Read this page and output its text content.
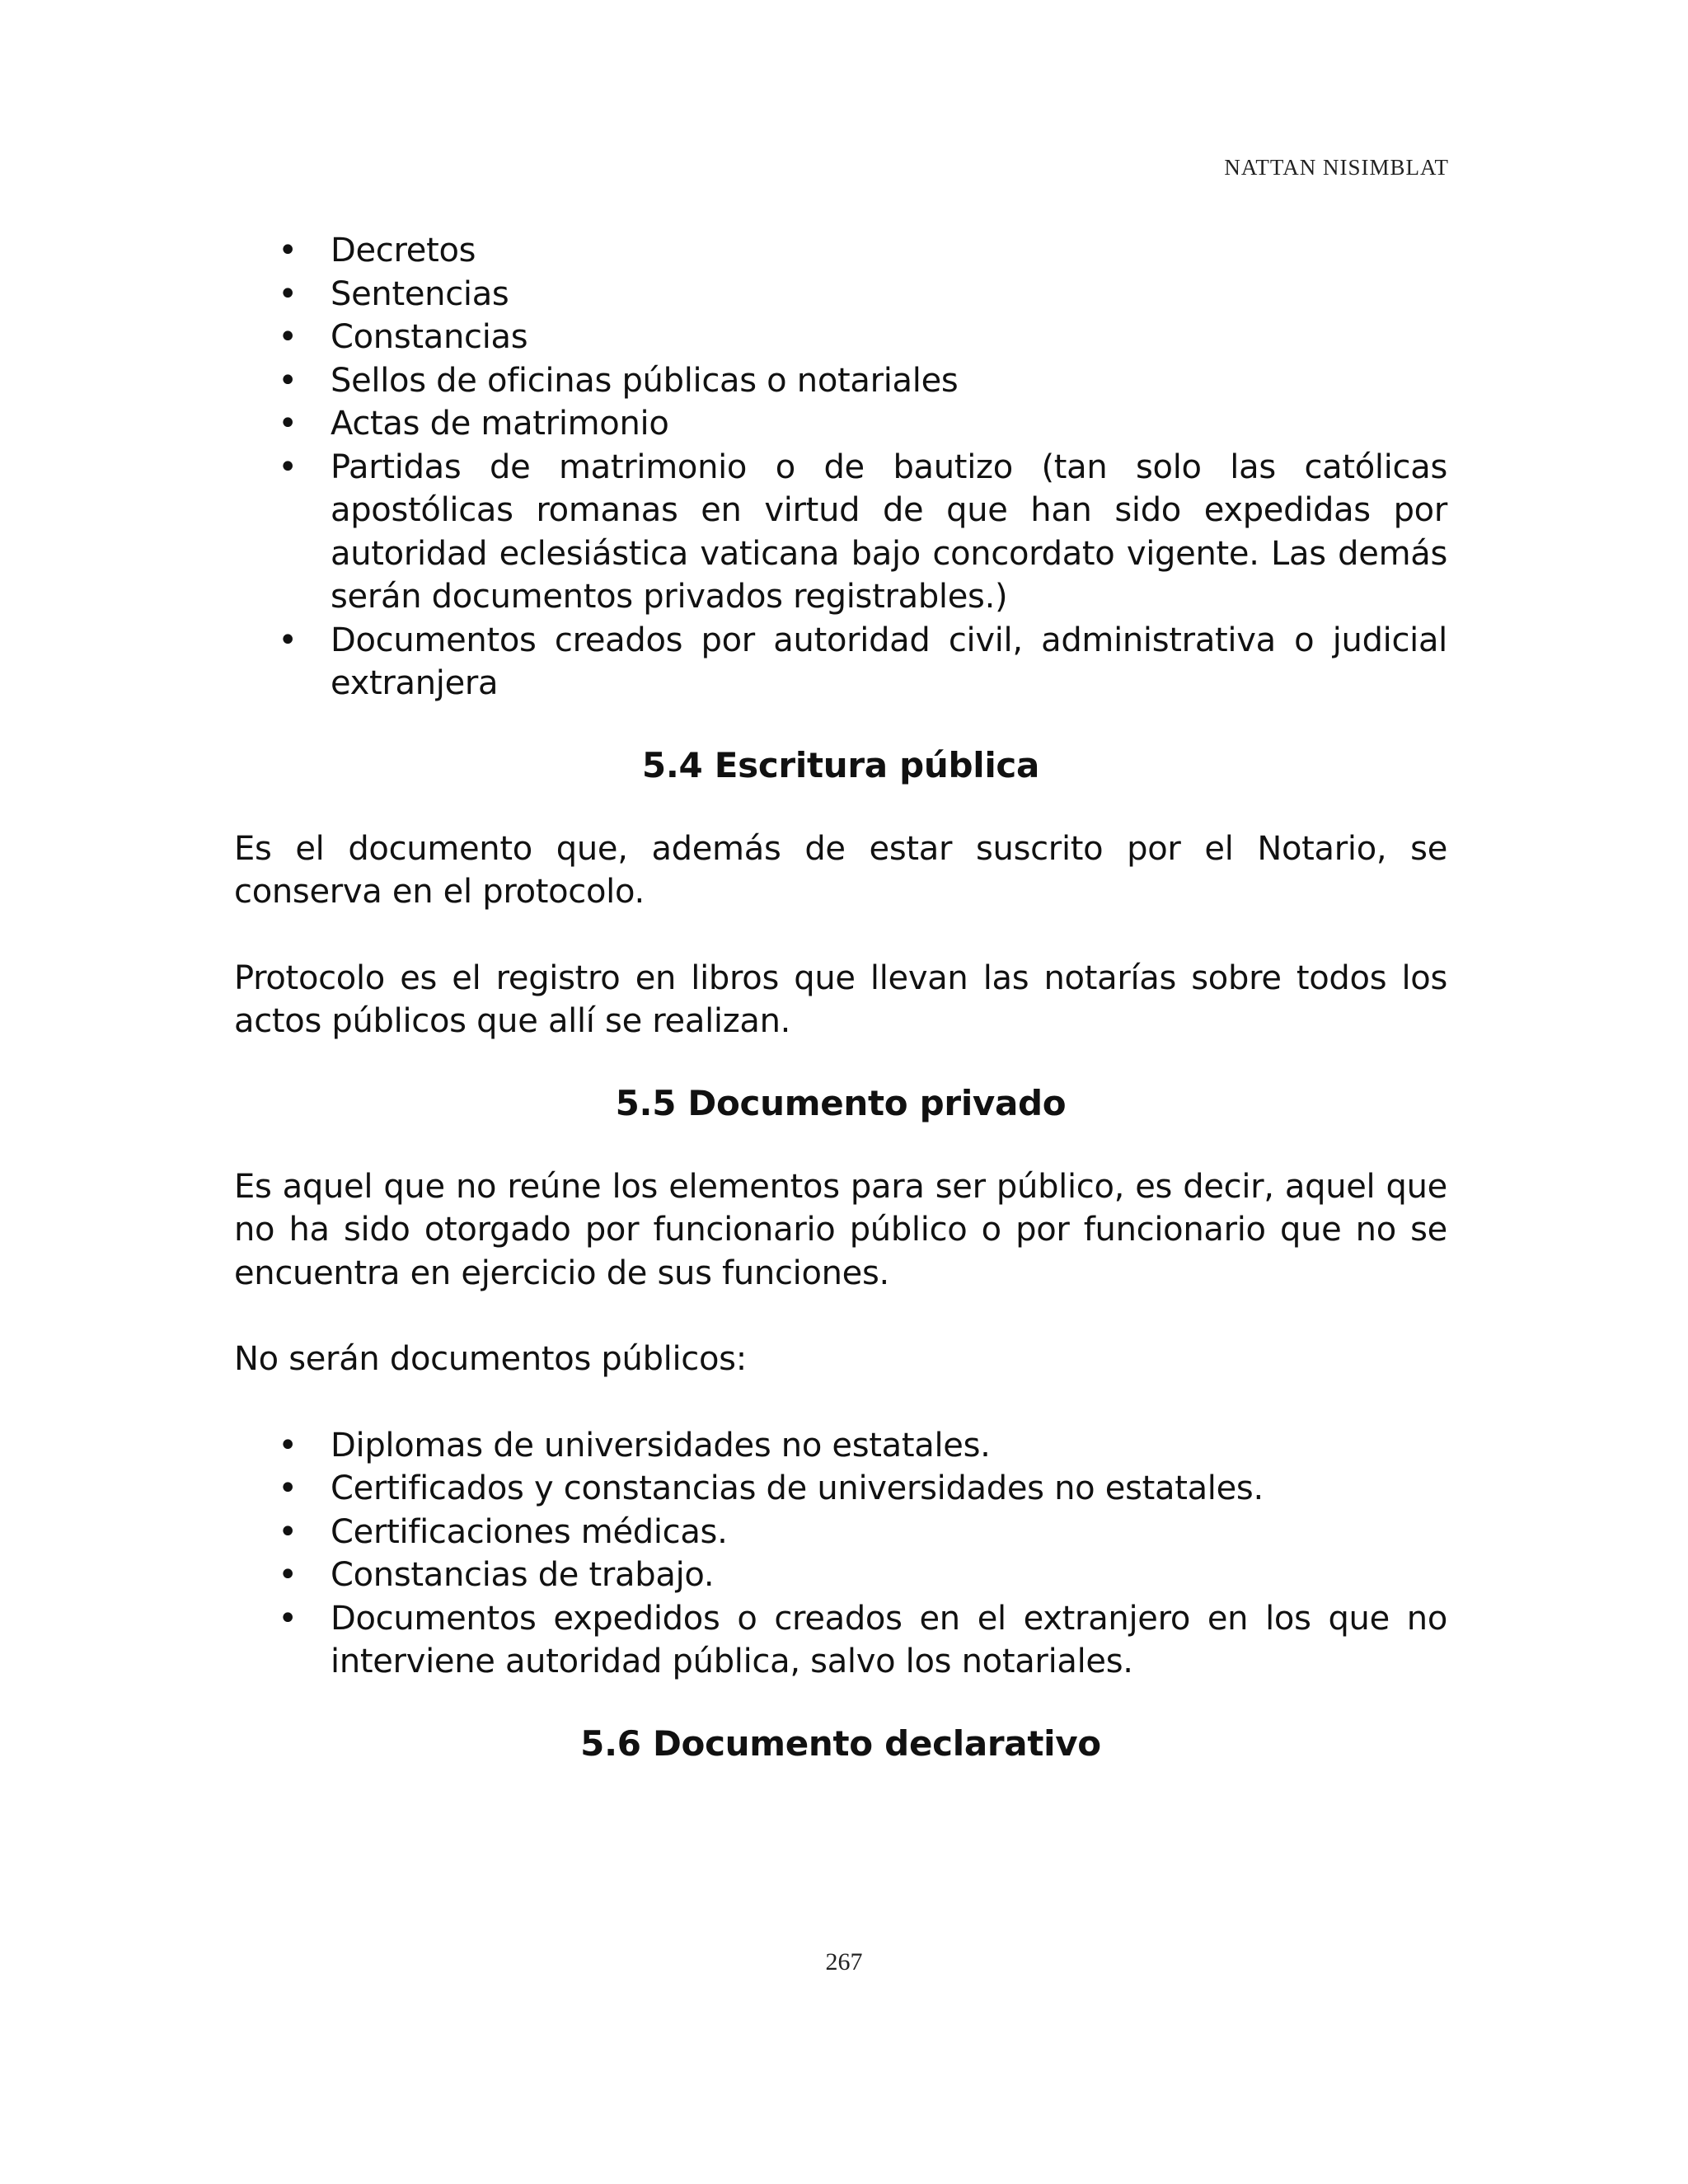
NATTAN NISIMBLAT
• Decretos
• Sentencias
• Constancias
• Sellos de oficinas públicas o notariales
• Actas de matrimonio
• Partidas de matrimonio o de bautizo (tan solo las católicas apostólicas romanas en virtud de que han sido expedidas por autoridad eclesiástica vaticana bajo concordato vigente. Las demás serán documentos privados registrables.)
• Documentos creados por autoridad civil, administrativa o judicial extranjera
5.4 Escritura pública

Es el documento que, además de estar suscrito por el Notario, se conserva en el protocolo.

Protocolo es el registro en libros que llevan las notarías sobre todos los actos públicos que allí se realizan.

5.5 Documento privado

Es aquel que no reúne los elementos para ser público, es decir, aquel que no ha sido otorgado por funcionario público o por funcionario que no se encuentra en ejercicio de sus funciones.

No serán documentos públicos:

• Diplomas de universidades no estatales.
• Certificados y constancias de universidades no estatales.
• Certificaciones médicas.
• Constancias de trabajo.
• Documentos expedidos o creados en el extranjero en los que no interviene autoridad pública, salvo los notariales.
5.6 Documento declarativo
267
